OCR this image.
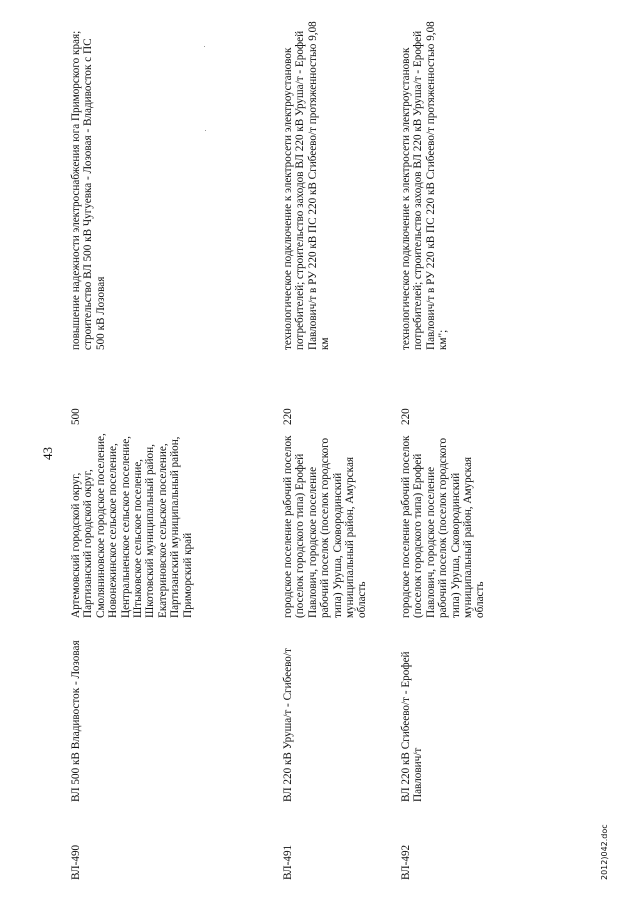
43
ВЛ-490
ВЛ 500 кВ Владивосток - Лозовая
Артемовский городской округ, Партизанский городской округ, Смоляниновское городское поселение, Новонежинское сельское поселение, Центральненское сельское поселение, Штыковское сельское поселение, Шкотовский муниципальный район, Екатериновское сельское поселение, Партизанский муниципальный район, Приморский край
500
повышение надежности электроснабжения юга Приморского края; строительство ВЛ 500 кВ Чугуевка - Лозовая - Владивосток с ПС 500 кВ Лозовая
ВЛ-491
ВЛ 220 кВ Уруша/т - Сгибеево/т
городское поселение рабочий поселок (поселок городского типа) Ерофей Павлович, городское поселение рабочий поселок (поселок городского типа) Уруша, Сковородинский муниципальный район, Амурская область
220
технологическое подключение к электросети электроустановок потребителей; строительство заходов ВЛ 220 кВ Уруша/т - Ерофей Павлович/т в РУ 220 кВ ПС 220 кВ Сгибеево/т протяженностью 9,08 км
ВЛ-492
ВЛ 220 кВ Сгибеево/т - Ерофей Павлович/т
городское поселение рабочий поселок (поселок городского типа) Ерофей Павлович, городское поселение рабочий поселок (поселок городского типа) Уруша, Сковородинский муниципальный район, Амурская область
220
технологическое подключение к электросети электроустановок потребителей; строительство заходов ВЛ 220 кВ Уруша/т - Ерофей Павлович/т в РУ 220 кВ ПС 220 кВ Сгибеево/т протяженностью 9,08 км";
2012)042.doc
